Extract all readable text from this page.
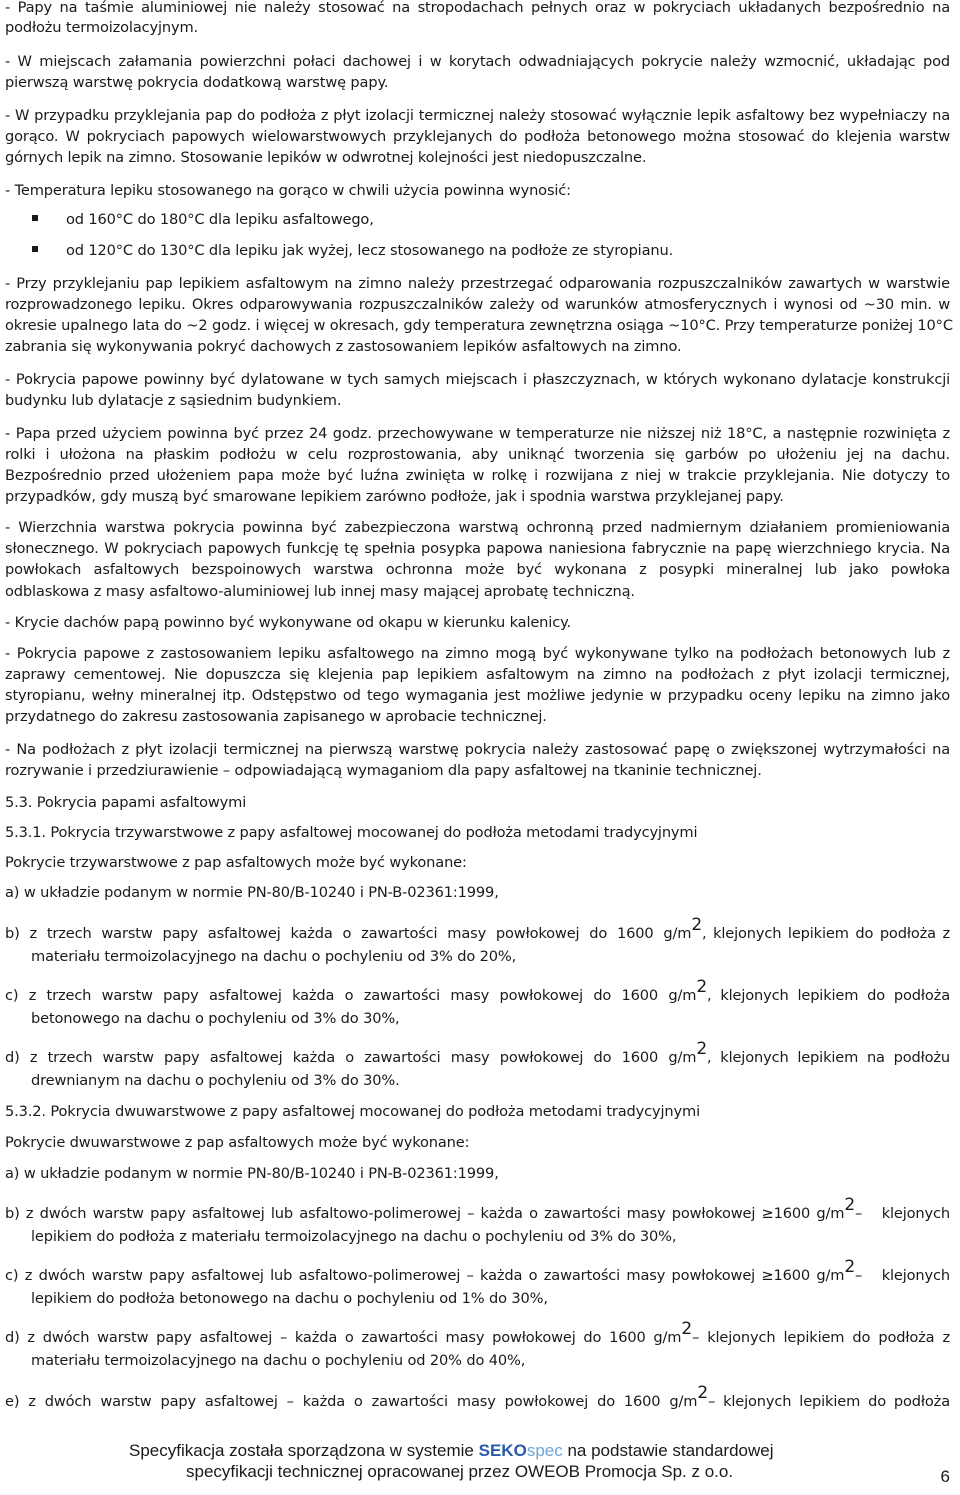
- Papy na taśmie aluminiowej nie należy stosować na stropodachach pełnych oraz w pokryciach układanych bezpośrednio na
podłożu termoizolacyjnym.
- W miejscach załamania powierzchni połaci dachowej i w korytach odwadniających pokrycie należy wzmocnić, układając pod
pierwszą warstwę pokrycia dodatkową warstwę papy.
- W przypadku przyklejania pap do podłoża z płyt izolacji termicznej należy stosować wyłącznie lepik asfaltowy bez wypełniaczy na
gorąco. W pokryciach papowych wielowarstwowych przyklejanych do podłoża betonowego można stosować do klejenia warstw
górnych lepik na zimno. Stosowanie lepików w odwrotnej kolejności jest niedopuszczalne.
- Temperatura lepiku stosowanego na gorąco w chwili użycia powinna wynosić:
od 160°C do 180°C dla lepiku asfaltowego,
od 120°C do 130°C dla lepiku jak wyżej, lecz stosowanego na podłoże ze styropianu.
- Przy przyklejaniu pap lepikiem asfaltowym na zimno należy przestrzegać odparowania rozpuszczalników zawartych w warstwie
rozprowadzonego lepiku. Okres odparowywania rozpuszczalników zależy od warunków atmosferycznych i wynosi od ~30 min. w
okresie upalnego lata do ~2 godz. i więcej w okresach, gdy temperatura zewnętrzna osiąga ~10°C. Przy temperaturze poniżej 10°C
zabrania się wykonywania pokryć dachowych z zastosowaniem lepików asfaltowych na zimno.
- Pokrycia papowe powinny być dylatowane w tych samych miejscach i płaszczyznach, w których wykonano dylatacje konstrukcji
budynku lub dylatacje z sąsiednim budynkiem.
- Papa przed użyciem powinna być przez 24 godz. przechowywane w temperaturze nie niższej niż 18°C, a następnie rozwinięta z
rolki i ułożona na płaskim podłożu w celu rozprostowania, aby uniknąć tworzenia się garbów po ułożeniu jej na dachu.
Bezpośrednio przed ułożeniem papa może być luźna zwinięta w rolkę i rozwijana z niej w trakcie przyklejania. Nie dotyczy to
przypadków, gdy muszą być smarowane lepikiem zarówno podłoże, jak i spodnia warstwa przyklejanej papy.
- Wierzchnia warstwa pokrycia powinna być zabezpieczona warstwą ochronną przed nadmiernym działaniem promieniowania
słonecznego. W pokryciach papowych funkcję tę spełnia posypka papowa naniesiona fabrycznie na papę wierzchniego krycia. Na
powłokach asfaltowych bezspoinowych warstwa ochronna może być wykonana z posypki mineralnej lub jako powłoka
odblaskowa z masy asfaltowo-aluminiowej lub innej masy mającej aprobatę techniczną.
- Krycie dachów papą powinno być wykonywane od okapu w kierunku kalenicy.
- Pokrycia papowe z zastosowaniem lepiku asfaltowego na zimno mogą być wykonywane tylko na podłożach betonowych lub z
zaprawy cementowej. Nie dopuszcza się klejenia pap lepikiem asfaltowym na zimno na podłożach z płyt izolacji termicznej,
styropianu, wełny mineralnej itp. Odstępstwo od tego wymagania jest możliwe jedynie w przypadku oceny lepiku na zimno jako
przydatnego do zakresu zastosowania zapisanego w aprobacie technicznej.
- Na podłożach z płyt izolacji termicznej na pierwszą warstwę pokrycia należy zastosować papę o zwiększonej wytrzymałości na
rozrywanie i przedziurawienie – odpowiadającą wymaganiom dla papy asfaltowej na tkaninie technicznej.
5.3. Pokrycia papami asfaltowymi
5.3.1. Pokrycia trzywarstwowe z papy asfaltowej mocowanej do podłoża metodami tradycyjnymi
Pokrycie trzywarstwowe z pap asfaltowych może być wykonane:
a) w układzie podanym w normie PN-80/B-10240 i PN-B-02361:1999,
b) z trzech warstw papy asfaltowej każda o zawartości masy powłokowej do 1600 g/m 2 , klejonych lepikiem do podłoża z
materiału termoizolacyjnego na dachu o pochyleniu od 3% do 20%,
c) z trzech warstw papy asfaltowej każda o zawartości masy powłokowej do 1600 g/m 2 , klejonych lepikiem do podłoża
betonowego na dachu o pochyleniu od 3% do 30%,
d) z trzech warstw papy asfaltowej każda o zawartości masy powłokowej do 1600 g/m 2 , klejonych lepikiem na podłożu
drewnianym na dachu o pochyleniu od 3% do 30%.
5.3.2. Pokrycia dwuwarstwowe z papy asfaltowej mocowanej do podłoża metodami tradycyjnymi
Pokrycie dwuwarstwowe z pap asfaltowych może być wykonane:
a) w układzie podanym w normie PN-80/B-10240 i PN-B-02361:1999,
b) z dwóch warstw papy asfaltowej lub asfaltowo-polimerowej – każda o zawartości masy powłokowej ≥1600 g/m 2 – klejonych
lepikiem do podłoża z materiału termoizolacyjnego na dachu o pochyleniu od 3% do 30%,
c) z dwóch warstw papy asfaltowej lub asfaltowo-polimerowej – każda o zawartości masy powłokowej ≥1600 g/m 2 – klejonych
lepikiem do podłoża betonowego na dachu o pochyleniu od 1% do 30%,
d) z dwóch warstw papy asfaltowej – każda o zawartości masy powłokowej do 1600 g/m 2 – klejonych lepikiem do podłoża z
materiału termoizolacyjnego na dachu o pochyleniu od 20% do 40%,
e) z dwóch warstw papy asfaltowej – każda o zawartości masy powłokowej do 1600 g/m 2 – klejonych lepikiem do podłoża
Specyfikacja została sporządzona w systemie SEKOspec na podstawie standardowej
specyfikacji technicznej opracowanej przez OWEOB Promocja Sp. z o.o.	6
